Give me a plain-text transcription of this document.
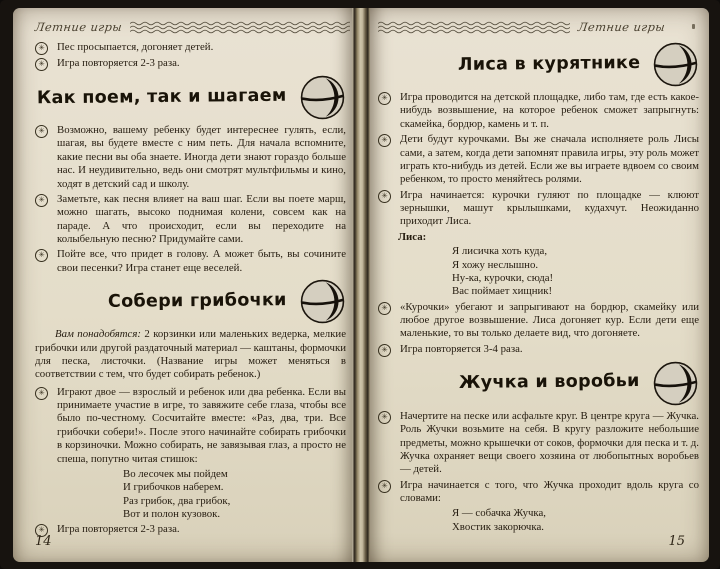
Летние игры
✳	Пес просыпается, догоняет детей.

✳	Игра повторяется 2-3 раза.

Как поем, так и шагаем
✳	Возможно, вашему ребенку будет интереснее гулять, если, шагая, вы будете вместе с ним петь. Для начала вспомните, какие песни вы оба знаете. Иногда дети знают гораздо больше нас. И неудивительно, ведь они смотрят мультфильмы и кино, ходят в детский сад и школу.

✳	Заметьте, как песня влияет на ваш шаг. Если вы поете марш, можно шагать, высоко поднимая колени, совсем как на параде. А что происходит, если вы переходите на колыбельную песню? Придумайте сами.

✳	Пойте все, что придет в голову. А может быть, вы сочините свои песенки? Игра станет еще веселей.

Собери грибочки

Вам понадобятся: 2 корзинки или маленьких ведерка, мелкие грибочки или другой раздаточный материал — каштаны, формочки для песка, листочки. (Название игры может меняться в соответствии с тем, что будет собирать ребенок.)

✳	Играют двое — взрослый и ребенок или два ребенка. Если вы принимаете участие в игре, то завяжите себе глаза, чтобы все было по-честному. Сосчитайте вместе: «Раз, два, три. Все грибочки собери!». После этого начинайте собирать грибочки в корзиночки. Можно собирать, не завязывая глаз, а просто не спеша, попутно читая стишок:

Во лесочек мы пойдем

И грибочков наберем.

Раз грибок, два грибок,

Вот и полон кузовок.

✳	Игра повторяется 2-3 раза.

14
Летние игры
Лиса в курятнике
✳	Игра проводится на детской площадке, либо там, где есть какое-нибудь возвышение, на которое ребенок сможет запрыгнуть: скамейка, бордюр, камень и т. п.

✳	Дети будут курочками. Вы же сначала исполняете роль Лисы сами, а затем, когда дети запомнят правила игры, эту роль может играть кто-нибудь из детей. Если же вы играете вдвоем со своим ребенком, то просто меняйтесь ролями.

✳	Игра начинается: курочки гуляют по площадке — клюют зернышки, машут крылышками, кудахчут. Неожиданно приходит Лиса.

Лиса:

Я лисичка хоть куда,

Я хожу неслышно.

Ну-ка, курочки, сюда!

Вас поймает хищник!

✳	«Курочки» убегают и запрыгивают на бордюр, скамейку или любое другое возвышение. Лиса догоняет кур. Если дети еще маленькие, то вы только делаете вид, что догоняете.

✳	Игра повторяется 3-4 раза.

Жучка и воробьи
✳	Начертите на песке или асфальте круг. В центре круга — Жучка. Роль Жучки возьмите на себя. В кругу разложите небольшие предметы, можно крышечки от соков, формочки для песка и т. д. Жучка охраняет вещи своего хозяина от любопытных воробьев — детей.

✳	Игра начинается с того, что Жучка проходит вдоль круга со словами:

Я — собачка Жучка,

Хвостик закорючка.

15
